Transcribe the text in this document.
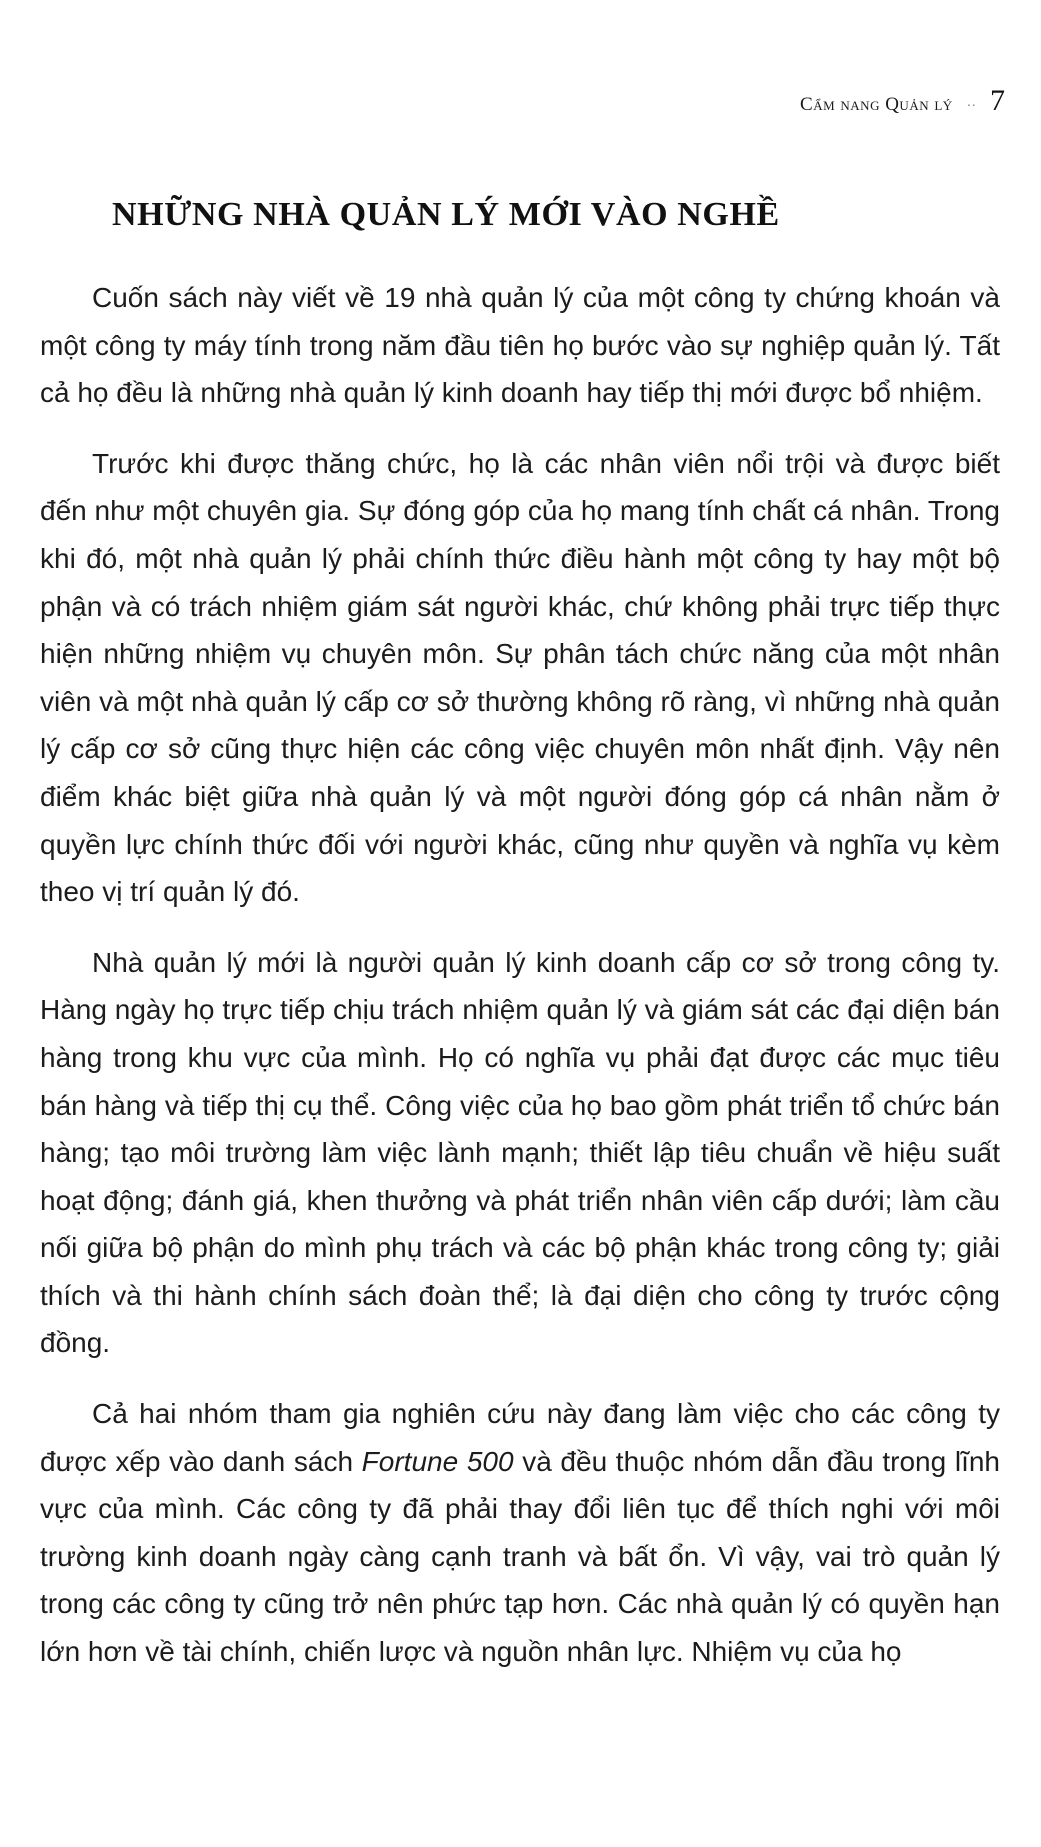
Cẩm nang Quản lý ·· 7
NHỮNG NHÀ QUẢN LÝ MỚI VÀO NGHỀ

Cuốn sách này viết về 19 nhà quản lý của một công ty chứng khoán và một công ty máy tính trong năm đầu tiên họ bước vào sự nghiệp quản lý. Tất cả họ đều là những nhà quản lý kinh doanh hay tiếp thị mới được bổ nhiệm.

Trước khi được thăng chức, họ là các nhân viên nổi trội và được biết đến như một chuyên gia. Sự đóng góp của họ mang tính chất cá nhân. Trong khi đó, một nhà quản lý phải chính thức điều hành một công ty hay một bộ phận và có trách nhiệm giám sát người khác, chứ không phải trực tiếp thực hiện những nhiệm vụ chuyên môn. Sự phân tách chức năng của một nhân viên và một nhà quản lý cấp cơ sở thường không rõ ràng, vì những nhà quản lý cấp cơ sở cũng thực hiện các công việc chuyên môn nhất định. Vậy nên điểm khác biệt giữa nhà quản lý và một người đóng góp cá nhân nằm ở quyền lực chính thức đối với người khác, cũng như quyền và nghĩa vụ kèm theo vị trí quản lý đó.

Nhà quản lý mới là người quản lý kinh doanh cấp cơ sở trong công ty. Hàng ngày họ trực tiếp chịu trách nhiệm quản lý và giám sát các đại diện bán hàng trong khu vực của mình. Họ có nghĩa vụ phải đạt được các mục tiêu bán hàng và tiếp thị cụ thể. Công việc của họ bao gồm phát triển tổ chức bán hàng; tạo môi trường làm việc lành mạnh; thiết lập tiêu chuẩn về hiệu suất hoạt động; đánh giá, khen thưởng và phát triển nhân viên cấp dưới; làm cầu nối giữa bộ phận do mình phụ trách và các bộ phận khác trong công ty; giải thích và thi hành chính sách đoàn thể; là đại diện cho công ty trước cộng đồng.

Cả hai nhóm tham gia nghiên cứu này đang làm việc cho các công ty được xếp vào danh sách Fortune 500 và đều thuộc nhóm dẫn đầu trong lĩnh vực của mình. Các công ty đã phải thay đổi liên tục để thích nghi với môi trường kinh doanh ngày càng cạnh tranh và bất ổn. Vì vậy, vai trò quản lý trong các công ty cũng trở nên phức tạp hơn. Các nhà quản lý có quyền hạn lớn hơn về tài chính, chiến lược và nguồn nhân lực. Nhiệm vụ của họ
